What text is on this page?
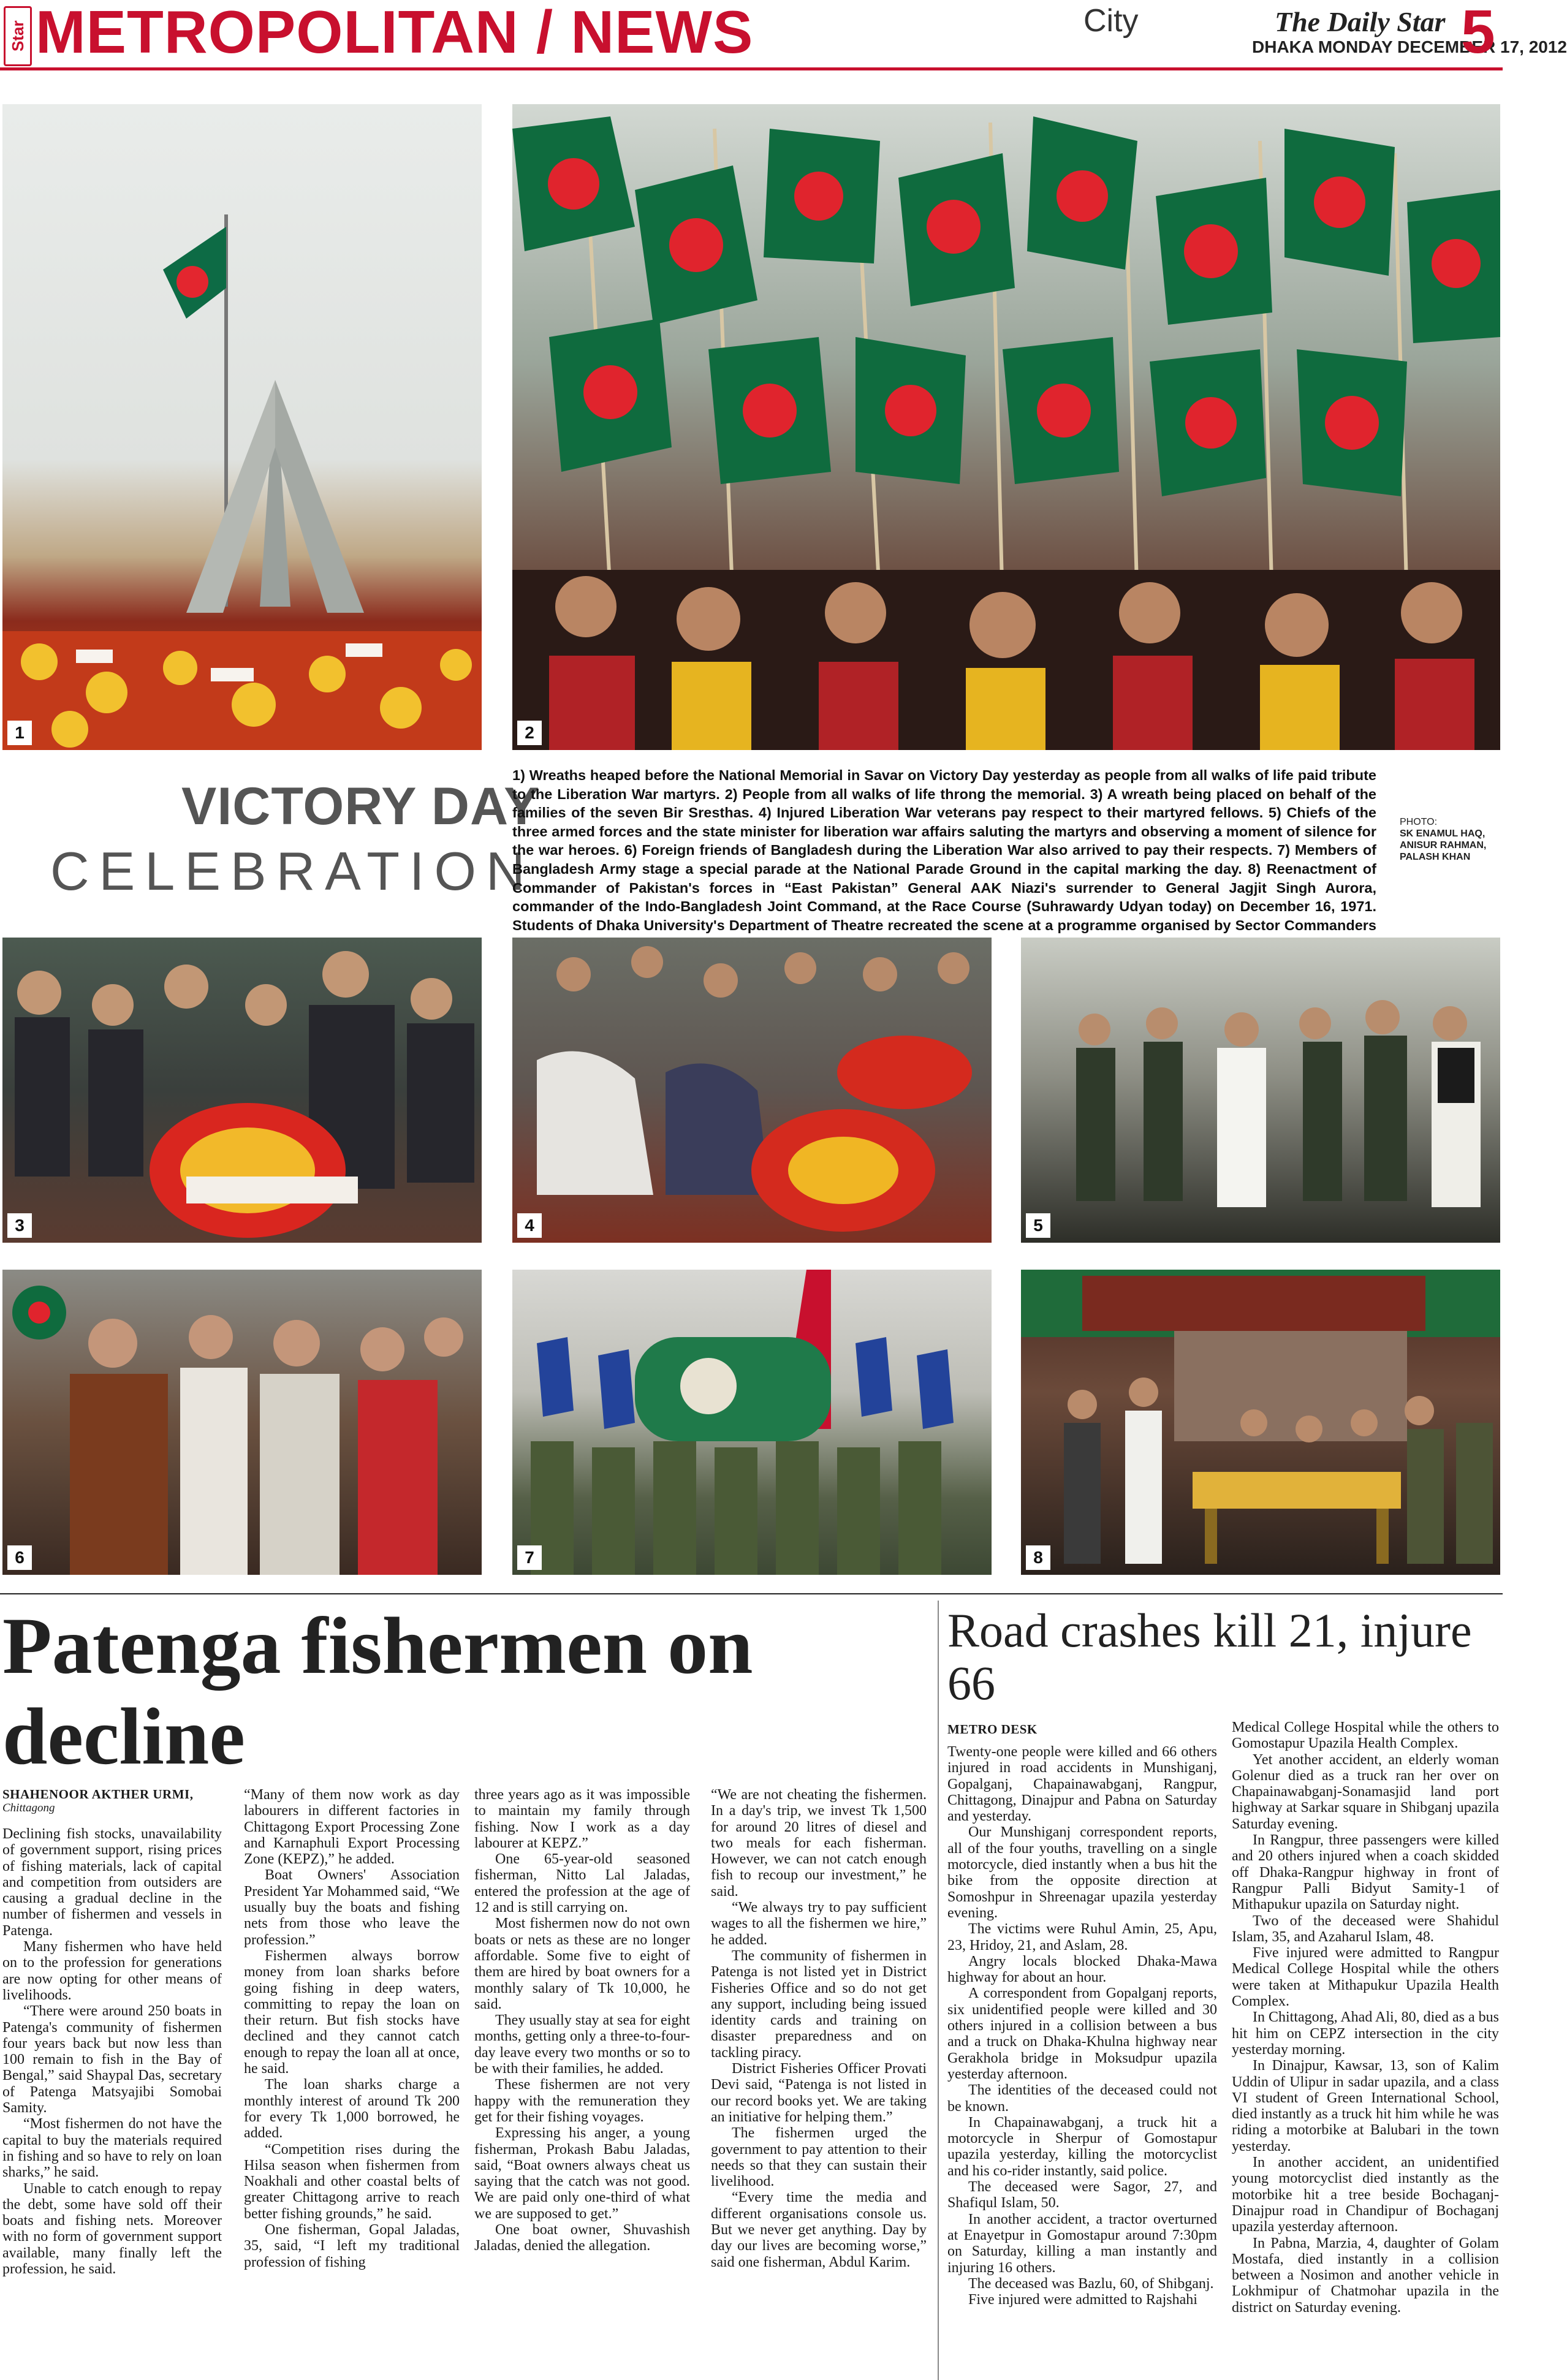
Star METROPOLITAN / NEWS	City	The Daily Star
DHAKA MONDAY DECEMBER 17, 2012
5
1	2
VICTORY DAY
CELEBRATION
1) Wreaths heaped before the National Memorial in Savar on Victory Day yesterday as people from all walks of life paid tribute to the Liberation War martyrs. 2) People from all walks of life throng the memorial. 3) A wreath being placed on behalf of the families of the seven Bir Sresthas. 4) Injured Liberation War veterans pay respect to their martyred fellows. 5) Chiefs of the three armed forces and the state minister for liberation war affairs saluting the martyrs and observing a moment of silence for the war heroes. 6) Foreign friends of Bangladesh during the Liberation War also arrived to pay their respects. 7) Members of Bangladesh Army stage a special parade at the National Parade Ground in the capital marking the day. 8) Reenactment of Commander of Pakistan's forces in “East Pakistan” General AAK Niazi's surrender to General Jagjit Singh Aurora, commander of the Indo-Bangladesh Joint Command, at the Race Course (Suhrawardy Udyan today) on December 16, 1971. Students of Dhaka University's Department of Theatre recreated the scene at a programme organised by Sector Commanders
PHOTO:
SK ENAMUL HAQ, ANISUR RAHMAN, PALASH KHAN
3	4	5
6	7	8
Patenga fishermen on decline
SHAHENOOR AKTHER URMI,
Chittagong

Declining fish stocks, unavailability of government support, rising prices of fishing materials, lack of capital and competition from outsiders are causing a gradual decline in the number of fishermen and vessels in Patenga.

Many fishermen who have held on to the profession for generations are now opting for other means of livelihoods.

“There were around 250 boats in Patenga's community of fishermen four years back but now less than 100 remain to fish in the Bay of Bengal,” said Shaypal Das, secretary of Patenga Matsyajibi Somobai Samity.

“Most fishermen do not have the capital to buy the materials required in fishing and so have to rely on loan sharks,” he said.

Unable to catch enough to repay the debt, some have sold off their boats and fishing nets. Moreover with no form of government support available, many finally left the profession, he said.

“Many of them now work as day labourers in different factories in Chittagong Export Processing Zone and Karnaphuli Export Processing Zone (KEPZ),” he added.

Boat Owners' Association President Yar Mohammed said, “We usually buy the boats and fishing nets from those who leave the profession.”

Fishermen always borrow money from loan sharks before going fishing in deep waters, committing to repay the loan on their return. But fish stocks have declined and they cannot catch enough to repay the loan all at once, he said.

The loan sharks charge a monthly interest of around Tk 200 for every Tk 1,000 borrowed, he added.

“Competition rises during the Hilsa season when fishermen from Noakhali and other coastal belts of greater Chittagong arrive to reach better fishing grounds,” he said.

One fisherman, Gopal Jaladas, 35, said, “I left my traditional profession of fishing

three years ago as it was impossible to maintain my family through fishing. Now I work as a day labourer at KEPZ.”

One 65-year-old seasoned fisherman, Nitto Lal Jaladas, entered the profession at the age of 12 and is still carrying on.

Most fishermen now do not own boats or nets as these are no longer affordable. Some five to eight of them are hired by boat owners for a monthly salary of Tk 10,000, he said.

They usually stay at sea for eight months, getting only a three-to-four-day leave every two months or so to be with their families, he added.

These fishermen are not very happy with the remuneration they get for their fishing voyages.

Expressing his anger, a young fisherman, Prokash Babu Jaladas, said, “Boat owners always cheat us saying that the catch was not good. We are paid only one-third of what we are supposed to get.”

One boat owner, Shuvashish Jaladas, denied the allegation.

“We are not cheating the fishermen. In a day's trip, we invest Tk 1,500 for around 20 litres of diesel and two meals for each fisherman. However, we can not catch enough fish to recoup our investment,” he said.

“We always try to pay sufficient wages to all the fishermen we hire,” he added.

The community of fishermen in Patenga is not listed yet in District Fisheries Office and so do not get any support, including being issued identity cards and training on disaster preparedness and on tackling piracy.

District Fisheries Officer Provati Devi said, “Patenga is not listed in our record books yet. We are taking an initiative for helping them.”

The fishermen urged the government to pay attention to their needs so that they can sustain their livelihood.

“Every time the media and different organisations console us. But we never get anything. Day by day our lives are becoming worse,” said one fisherman, Abdul Karim.

Road crashes kill 21, injure 66
METRO DESK

Twenty-one people were killed and 66 others injured in road accidents in Munshiganj, Gopalganj, Chapainawabganj, Rangpur, Chittagong, Dinajpur and Pabna on Saturday and yesterday.

Our Munshiganj correspondent reports, all of the four youths, travelling on a single motorcycle, died instantly when a bus hit the bike from the opposite direction at Somoshpur in Shreenagar upazila yesterday evening.

The victims were Ruhul Amin, 25, Apu, 23, Hridoy, 21, and Aslam, 28.

Angry locals blocked Dhaka-Mawa highway for about an hour.

A correspondent from Gopalganj reports, six unidentified people were killed and 30 others injured in a collision between a bus and a truck on Dhaka-Khulna highway near Gerakhola bridge in Moksudpur upazila yesterday afternoon.

The identities of the deceased could not be known.

In Chapainawabganj, a truck hit a motorcycle in Sherpur of Gomostapur upazila yesterday, killing the motorcyclist and his co-rider instantly, said police.

The deceased were Sagor, 27, and Shafiqul Islam, 50.

In another accident, a tractor overturned at Enayetpur in Gomostapur around 7:30pm on Saturday, killing a man instantly and injuring 16 others.

The deceased was Bazlu, 60, of Shibganj.

Five injured were admitted to Rajshahi

Medical College Hospital while the others to Gomostapur Upazila Health Complex.

Yet another accident, an elderly woman Golenur died as a truck ran her over on Chapainawabganj-Sonamasjid land port highway at Sarkar square in Shibganj upazila Saturday evening.

In Rangpur, three passengers were killed and 20 others injured when a coach skidded off Dhaka-Rangpur highway in front of Rangpur Palli Bidyut Samity-1 of Mithapukur upazila on Saturday night.

Two of the deceased were Shahidul Islam, 35, and Azaharul Islam, 48.

Five injured were admitted to Rangpur Medical College Hospital while the others were taken at Mithapukur Upazila Health Complex.

In Chittagong, Ahad Ali, 80, died as a bus hit him on CEPZ intersection in the city yesterday morning.

In Dinajpur, Kawsar, 13, son of Kalim Uddin of Ulipur in sadar upazila, and a class VI student of Green International School, died instantly as a truck hit him while he was riding a motorbike at Balubari in the town yesterday.

In another accident, an unidentified young motorcyclist died instantly as the motorbike hit a tree beside Bochaganj-Dinajpur road in Chandipur of Bochaganj upazila yesterday afternoon.

In Pabna, Marzia, 4, daughter of Golam Mostafa, died instantly in a collision between a Nosimon and another vehicle in Lokhmipur of Chatmohar upazila in the district on Saturday evening.
